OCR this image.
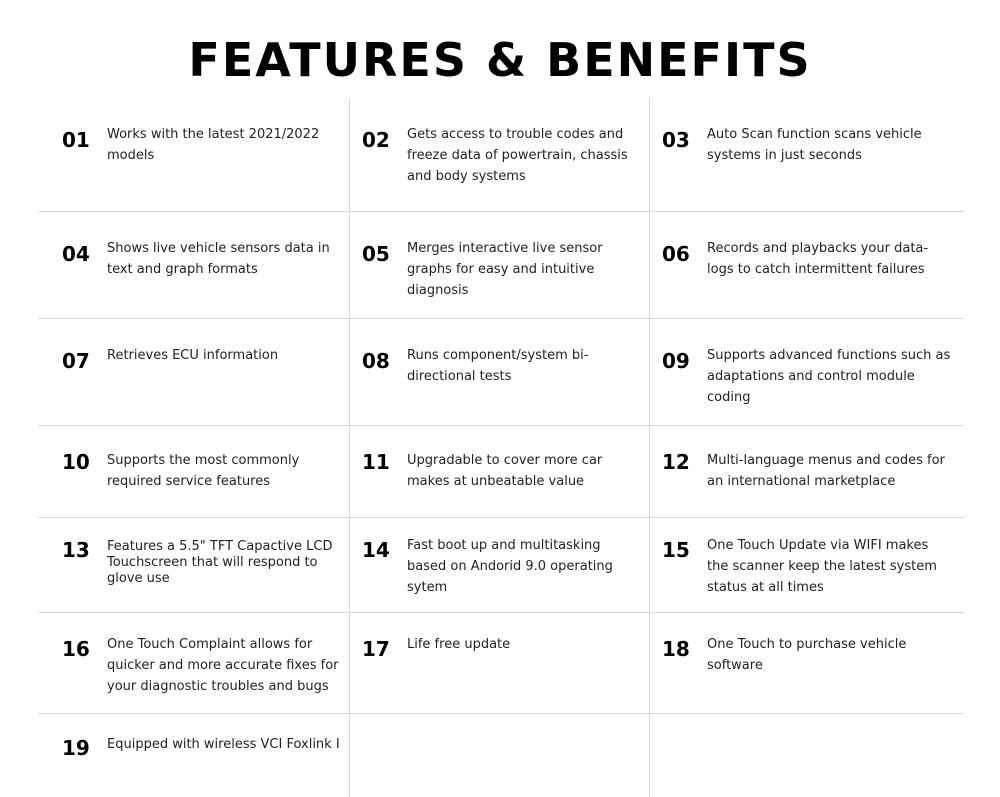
FEATURES & BENEFITS
01 Works with the latest 2021/2022 models
02 Gets access to trouble codes and freeze data of powertrain, chassis and body systems
03 Auto Scan function scans vehicle systems in just seconds
04 Shows live vehicle sensors data in text and graph formats
05 Merges interactive live sensor graphs for easy and intuitive diagnosis
06 Records and playbacks your data-logs to catch intermittent failures
07 Retrieves ECU information	08 Runs component/system bi-directional tests
09 Supports advanced functions such as adaptations and control module coding
10 Supports the most commonly required service features
11 Upgradable to cover more car makes at unbeatable value
12 Multi-language menus and codes for an international marketplace
13 Features a 5.5" TFT Capactive LCD Touchscreen that will respond to glove use
14 Fast boot up and multitasking based on Andorid 9.0 operating sytem
15 One Touch Update via WIFI makes the scanner keep the latest system status at all times
16 One Touch Complaint allows for quicker and more accurate fixes for your diagnostic troubles and bugs
17 Life free update	18 One Touch to purchase vehicle software
19 Equipped with wireless VCI Foxlink I
